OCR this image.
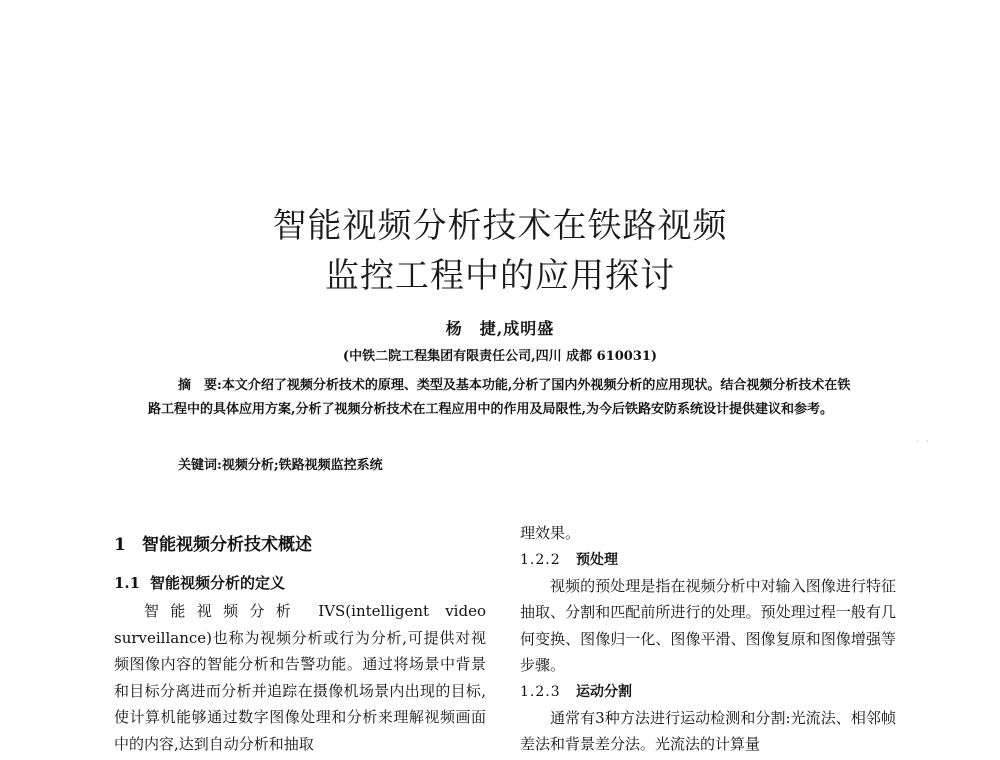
智能视频分析技术在铁路视频
监控工程中的应用探讨
杨　捷,成明盛
(中铁二院工程集团有限责任公司,四川 成都 610031)
摘　要:本文介绍了视频分析技术的原理、类型及基本功能,分析了国内外视频分析的应用现状。结合视频分析技术在铁路工程中的具体应用方案,分析了视频分析技术在工程应用中的作用及局限性,为今后铁路安防系统设计提供建议和参考。
关键词:视频分析;铁路视频监控系统
·   ·
1 智能视频分析技术概述
1.1 智能视频分析的定义

智能视频分析 IVS(intelligent video surveillance)也称为视频分析或行为分析,可提供对视频图像内容的智能分析和告警功能。通过将场景中背景和目标分离进而分析并追踪在摄像机场景内出现的目标,使计算机能够通过数字图像处理和分析来理解视频画面中的内容,达到自动分析和抽取

理效果。

1.2.2 预处理

视频的预处理是指在视频分析中对输入图像进行特征抽取、分割和匹配前所进行的处理。预处理过程一般有几何变换、图像归一化、图像平滑、图像复原和图像增强等步骤。

1.2.3 运动分割

通常有3种方法进行运动检测和分割:光流法、相邻帧差法和背景差分法。光流法的计算量
